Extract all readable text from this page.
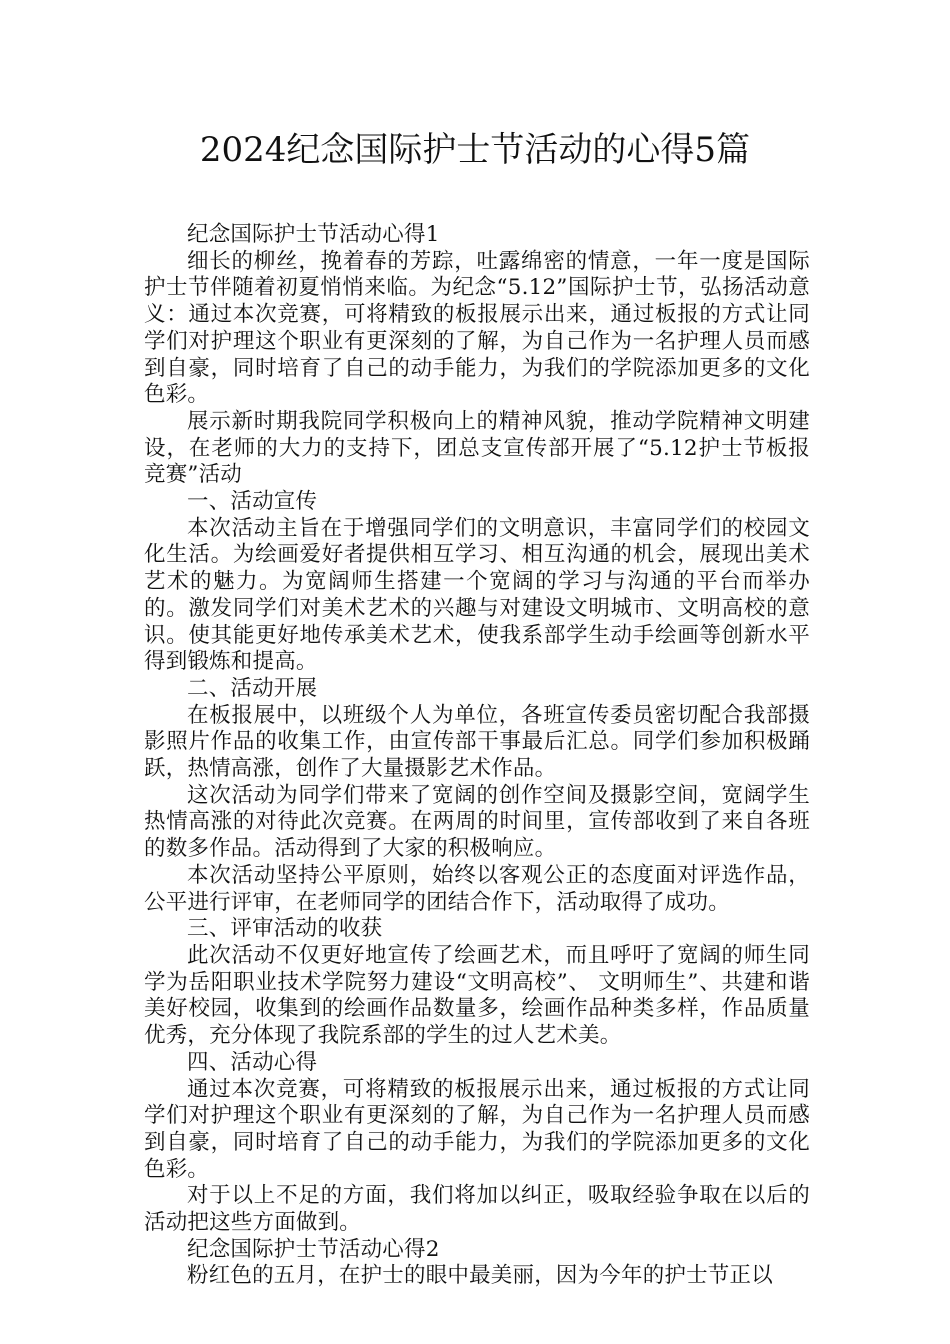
2024纪念国际护士节活动的心得5篇

纪念国际护士节活动心得1

细长的柳丝，挽着春的芳踪，吐露绵密的情意，一年一度是国际护士节伴随着初夏悄悄来临。为纪念“5.12”国际护士节，弘扬活动意义：通过本次竞赛，可将精致的板报展示出来，通过板报的方式让同学们对护理这个职业有更深刻的了解，为自己作为一名护理人员而感到自豪，同时培育了自己的动手能力，为我们的学院添加更多的文化色彩。

展示新时期我院同学积极向上的精神风貌，推动学院精神文明建设，在老师的大力的支持下，团总支宣传部开展了“5.12护士节板报竞赛”活动

一、活动宣传

本次活动主旨在于增强同学们的文明意识，丰富同学们的校园文化生活。为绘画爱好者提供相互学习、相互沟通的机会，展现出美术艺术的魅力。为宽阔师生搭建一个宽阔的学习与沟通的平台而举办的。激发同学们对美术艺术的兴趣与对建设文明城市、文明高校的意识。使其能更好地传承美术艺术，使我系部学生动手绘画等创新水平得到锻炼和提高。

二、活动开展

在板报展中，以班级个人为单位，各班宣传委员密切配合我部摄影照片作品的收集工作，由宣传部干事最后汇总。同学们参加积极踊跃，热情高涨，创作了大量摄影艺术作品。

这次活动为同学们带来了宽阔的创作空间及摄影空间，宽阔学生热情高涨的对待此次竞赛。在两周的时间里，宣传部收到了来自各班的数多作品。活动得到了大家的积极响应。

本次活动坚持公平原则，始终以客观公正的态度面对评选作品，公平进行评审，在老师同学的团结合作下，活动取得了成功。

三、评审活动的收获

此次活动不仅更好地宣传了绘画艺术，而且呼吁了宽阔的师生同学为岳阳职业技术学院努力建设“文明高校”、 文明师生”、共建和谐美好校园，收集到的绘画作品数量多，绘画作品种类多样，作品质量优秀，充分体现了我院系部的学生的过人艺术美。

四、活动心得

通过本次竞赛，可将精致的板报展示出来，通过板报的方式让同学们对护理这个职业有更深刻的了解，为自己作为一名护理人员而感到自豪，同时培育了自己的动手能力，为我们的学院添加更多的文化色彩。

对于以上不足的方面，我们将加以纠正，吸取经验争取在以后的活动把这些方面做到。

纪念国际护士节活动心得2

粉红色的五月，在护士的眼中最美丽，因为今年的护士节正以
